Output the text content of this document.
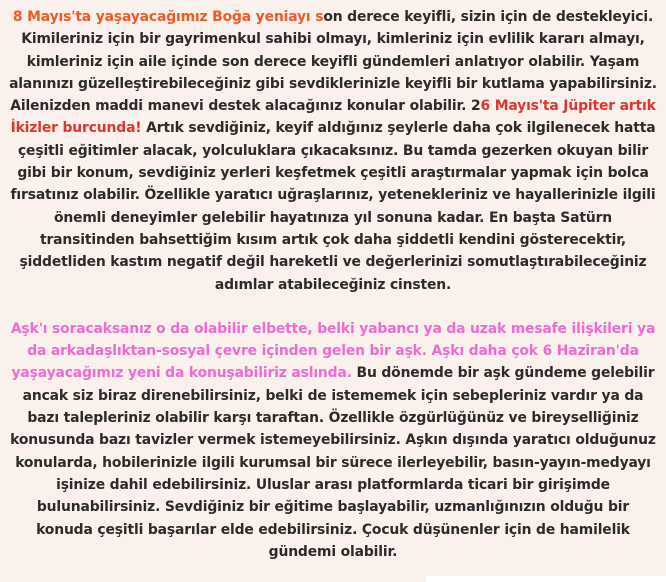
8 Mayıs'ta yaşayacağımız Boğa yeniayı son derece keyifli, sizin için de destekleyici. Kimileriniz için bir gayrimenkul sahibi olmayı, kimleriniz için evlilik kararı almayı, kimleriniz için aile içinde son derece keyifli gündemleri anlatıyor olabilir. Yaşam alanınızı güzelleştirebileceğiniz gibi sevdiklerinizle keyifli bir kutlama yapabilirsiniz. Ailenizden maddi manevi destek alacağınız konular olabilir. 26 Mayıs'ta Jüpiter artık İkizler burcunda! Artık sevdiğiniz, keyif aldığınız şeylerle daha çok ilgilenecek hatta çeşitli eğitimler alacak, yolculuklara çıkacaksınız. Bu tamda gezerken okuyan bilir gibi bir konum, sevdiğiniz yerleri keşfetmek çeşitli araştırmalar yapmak için bolca fırsatınız olabilir. Özellikle yaratıcı uğraşlarınız, yetenekleriniz ve hayallerinizle ilgili önemli deneyimler gelebilir hayatınıza yıl sonuna kadar. En başta Satürn transitinden bahsettiğim kısım artık çok daha şiddetli kendini gösterecektir, şiddetliden kastım negatif değil hareketli ve değerlerinizi somutlaştırabileceğiniz adımlar atabileceğiniz cinsten.

Aşk'ı soracaksanız o da olabilir elbette, belki yabancı ya da uzak mesafe ilişkileri ya da arkadaşlıktan-sosyal çevre içinden gelen bir aşk. Aşkı daha çok 6 Haziran'da yaşayacağımız yeni da konuşabiliriz aslında. Bu dönemde bir aşk gündeme gelebilir ancak siz biraz direnebilirsiniz, belki de istememek için sebepleriniz vardır ya da bazı talepleriniz olabilir karşı taraftan. Özellikle özgürlüğünüz ve bireyselliğiniz konusunda bazı tavizler vermek istemeyebilirsiniz. Aşkın dışında yaratıcı olduğunuz konularda, hobilerinizle ilgili kurumsal bir sürece ilerleyebilir, basın-yayın-medyayı işinize dahil edebilirsiniz. Uluslar arası platformlarda ticari bir girişimde bulunabilirsiniz. Sevdiğiniz bir eğitime başlayabilir, uzmanlığınızın olduğu bir konuda çeşitli başarılar elde edebilirsiniz. Çocuk düşünenler için de hamilelik gündemi olabilir.
